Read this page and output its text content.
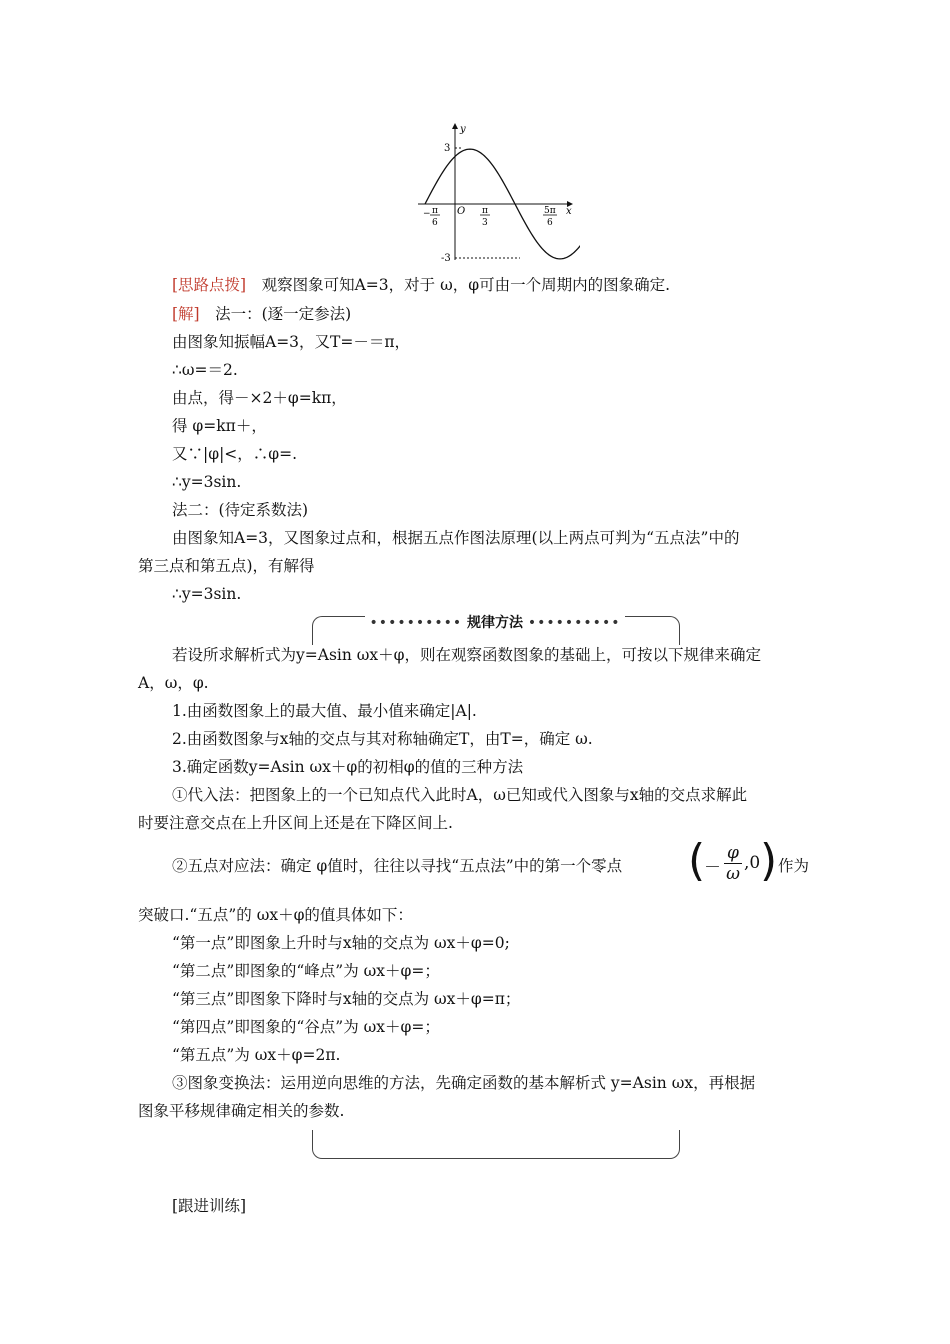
y
x
O
3
-3
− π
6
π
3
5π
6
[思路点拨]　观察图象可知A=3，对于 ω，φ可由一个周期内的图象确定.
[解]　法一：(逐一定参法)
由图象知振幅A=3，又T=－＝π，
∴ω=＝2.
由点，得－×2＋φ=kπ，
得 φ=kπ＋，
又∵|φ|<，∴φ=.
∴y=3sin.
法二：(待定系数法)
由图象知A=3，又图象过点和，根据五点作图法原理(以上两点可判为“五点法”中的
第三点和第五点)，有解得
∴y=3sin.
•••••••••• 规律方法 ••••••••••
若设所求解析式为y=Asin ωx＋φ，则在观察函数图象的基础上，可按以下规律来确定
A，ω，φ.
1.由函数图象上的最大值、最小值来确定|A|.
2.由函数图象与x轴的交点与其对称轴确定T，由T=，确定 ω.
3.确定函数y=Asin ωx＋φ的初相φ的值的三种方法
①代入法：把图象上的一个已知点代入此时A，ω已知或代入图象与x轴的交点求解此
时要注意交点在上升区间上还是在下降区间上.
②五点对应法：确定 φ值时，往往以寻找“五点法”中的第一个零点 (
－ $\frac{\varphi}{\omega} ,0$ ) 作为
突破口.“五点”的 ωx＋φ的值具体如下：
“第一点”即图象上升时与x轴的交点为 ωx＋φ=0;
“第二点”即图象的“峰点”为 ωx＋φ=；
“第三点”即图象下降时与x轴的交点为 ωx＋φ=π；
“第四点”即图象的“谷点”为 ωx＋φ=；
“第五点”为 ωx＋φ=2π.
③图象变换法：运用逆向思维的方法，先确定函数的基本解析式 y=Asin ωx，再根据
图象平移规律确定相关的参数.
[跟进训练]
